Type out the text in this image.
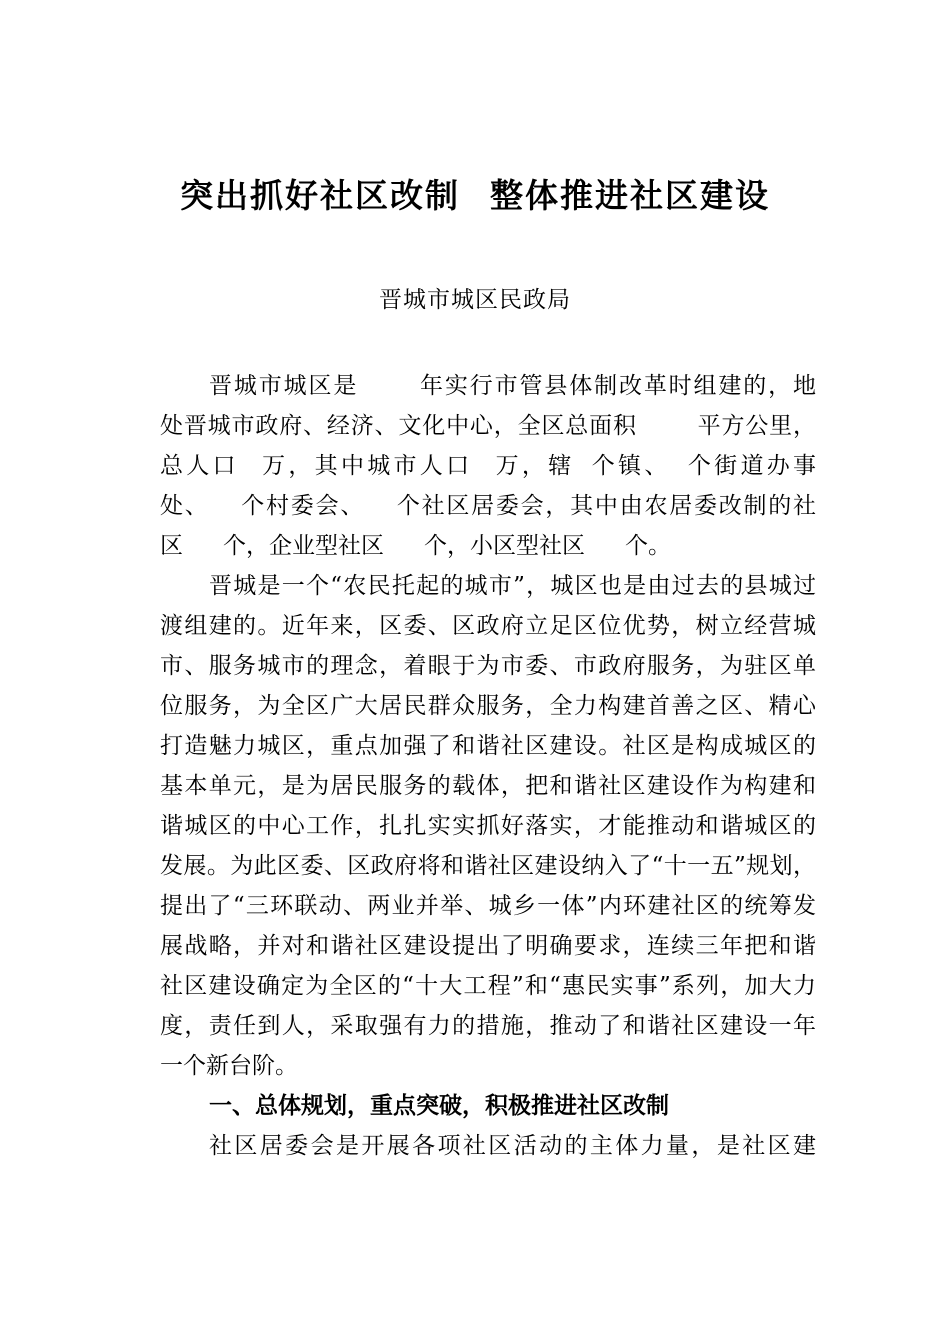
突出抓好社区改制 整体推进社区建设
晋城市城区民政局
晋城市城区是	年实行市管县体制改革时组建的，地
处晋城市政府、经济、文化中心，全区总面积	平方公里，
总人口 万，其中城市人口 万，辖 个镇、 个街道办事
处、 个村委会、 个社区居委会，其中由农居委改制的社
区 个，企业型社区 个，小区型社区 个。
晋城是一个“农民托起的城市”，城区也是由过去的县城过
渡组建的。近年来，区委、区政府立足区位优势，树立经营城
市、服务城市的理念，着眼于为市委、市政府服务，为驻区单
位服务，为全区广大居民群众服务，全力构建首善之区、精心
打造魅力城区，重点加强了和谐社区建设。社区是构成城区的
基本单元，是为居民服务的载体，把和谐社区建设作为构建和
谐城区的中心工作，扎扎实实抓好落实，才能推动和谐城区的
发展。为此区委、区政府将和谐社区建设纳入了“十一五”规划，
提出了“三环联动、两业并举、城乡一体”内环建社区的统筹发
展战略，并对和谐社区建设提出了明确要求，连续三年把和谐
社区建设确定为全区的“十大工程”和“惠民实事”系列，加大力
度，责任到人，采取强有力的措施，推动了和谐社区建设一年
一个新台阶。
一、总体规划，重点突破，积极推进社区改制
社区居委会是开展各项社区活动的主体力量，是社区建
